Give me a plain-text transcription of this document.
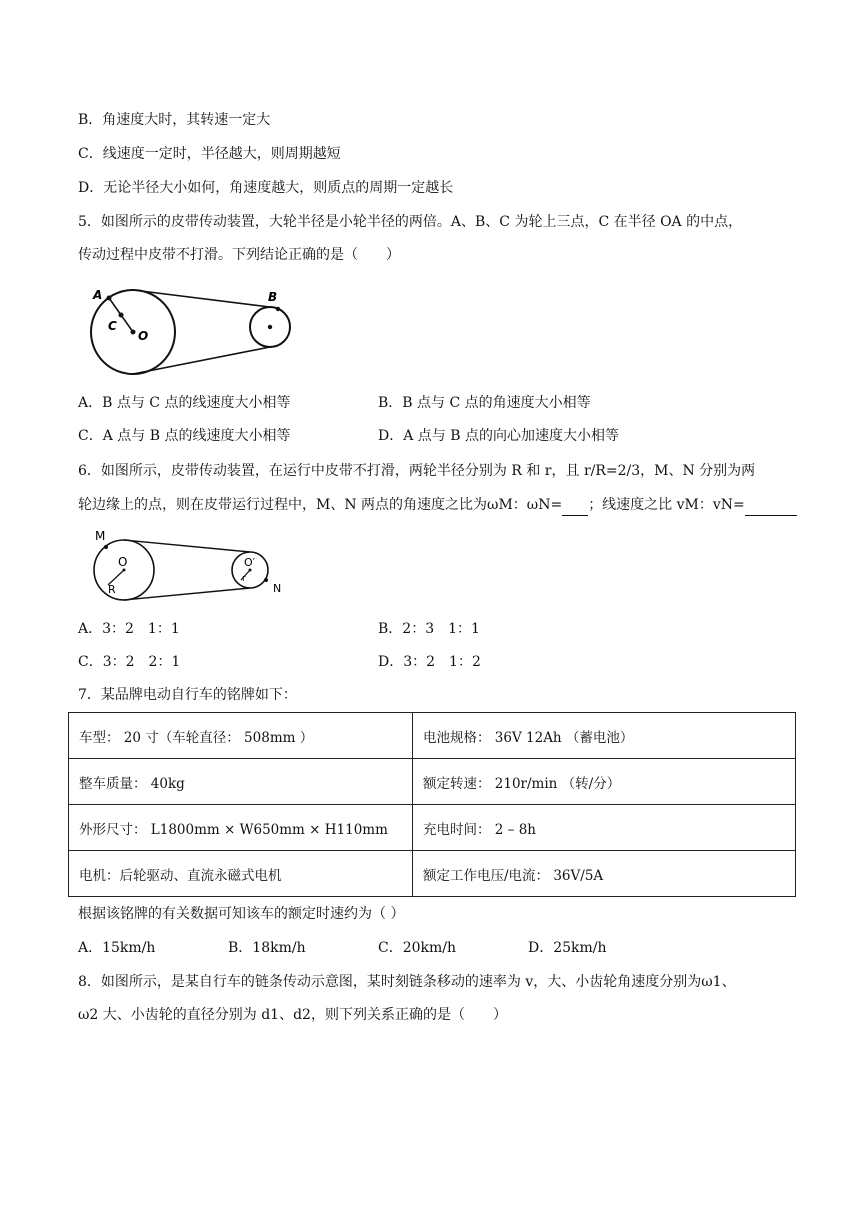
B．角速度大时，其转速一定大
C．线速度一定时，半径越大，则周期越短
D．无论半径大小如何，角速度越大，则质点的周期一定越长
5．如图所示的皮带传动装置，大轮半径是小轮半径的两倍。A、B、C 为轮上三点，C 在半径 OA 的中点，
传动过程中皮带不打滑。下列结论正确的是（　　）
A
C
O
B
A．B 点与 C 点的线速度大小相等	B．B 点与 C 点的角速度大小相等
C．A 点与 B 点的线速度大小相等	D．A 点与 B 点的向心加速度大小相等
6．如图所示，皮带传动装置，在运行中皮带不打滑，两轮半径分别为 R 和 r，且 r/R=2/3，M、N 分别为两
轮边缘上的点，则在皮带运行过程中，M、N 两点的角速度之比为ωM：ωN= ；线速度之比 vM：vN=
M
O
R
O′
r
N
A．3：2　1：1	B．2：3　1：1
C．3：2　2：1	D．3：2　1：2
7．某品牌电动自行车的铭牌如下：
车型： 20 寸（车轮直径： 508mm ）	电池规格： 36V 12Ah （蓄电池）
整车质量： 40kg	额定转速： 210r/min （转/分）
外形尺寸： L1800mm × W650mm × H110mm	充电时间： 2 – 8h
电机：后轮驱动、直流永磁式电机	额定工作电压/电流： 36V/5A
根据该铭牌的有关数据可知该车的额定时速约为（ ）
A．15km/h	B．18km/h	C．20km/h	D．25km/h
8．如图所示，是某自行车的链条传动示意图，某时刻链条移动的速率为 v，大、小齿轮角速度分别为ω1、
ω2 大、小齿轮的直径分别为 d1、d2，则下列关系正确的是（　　）
